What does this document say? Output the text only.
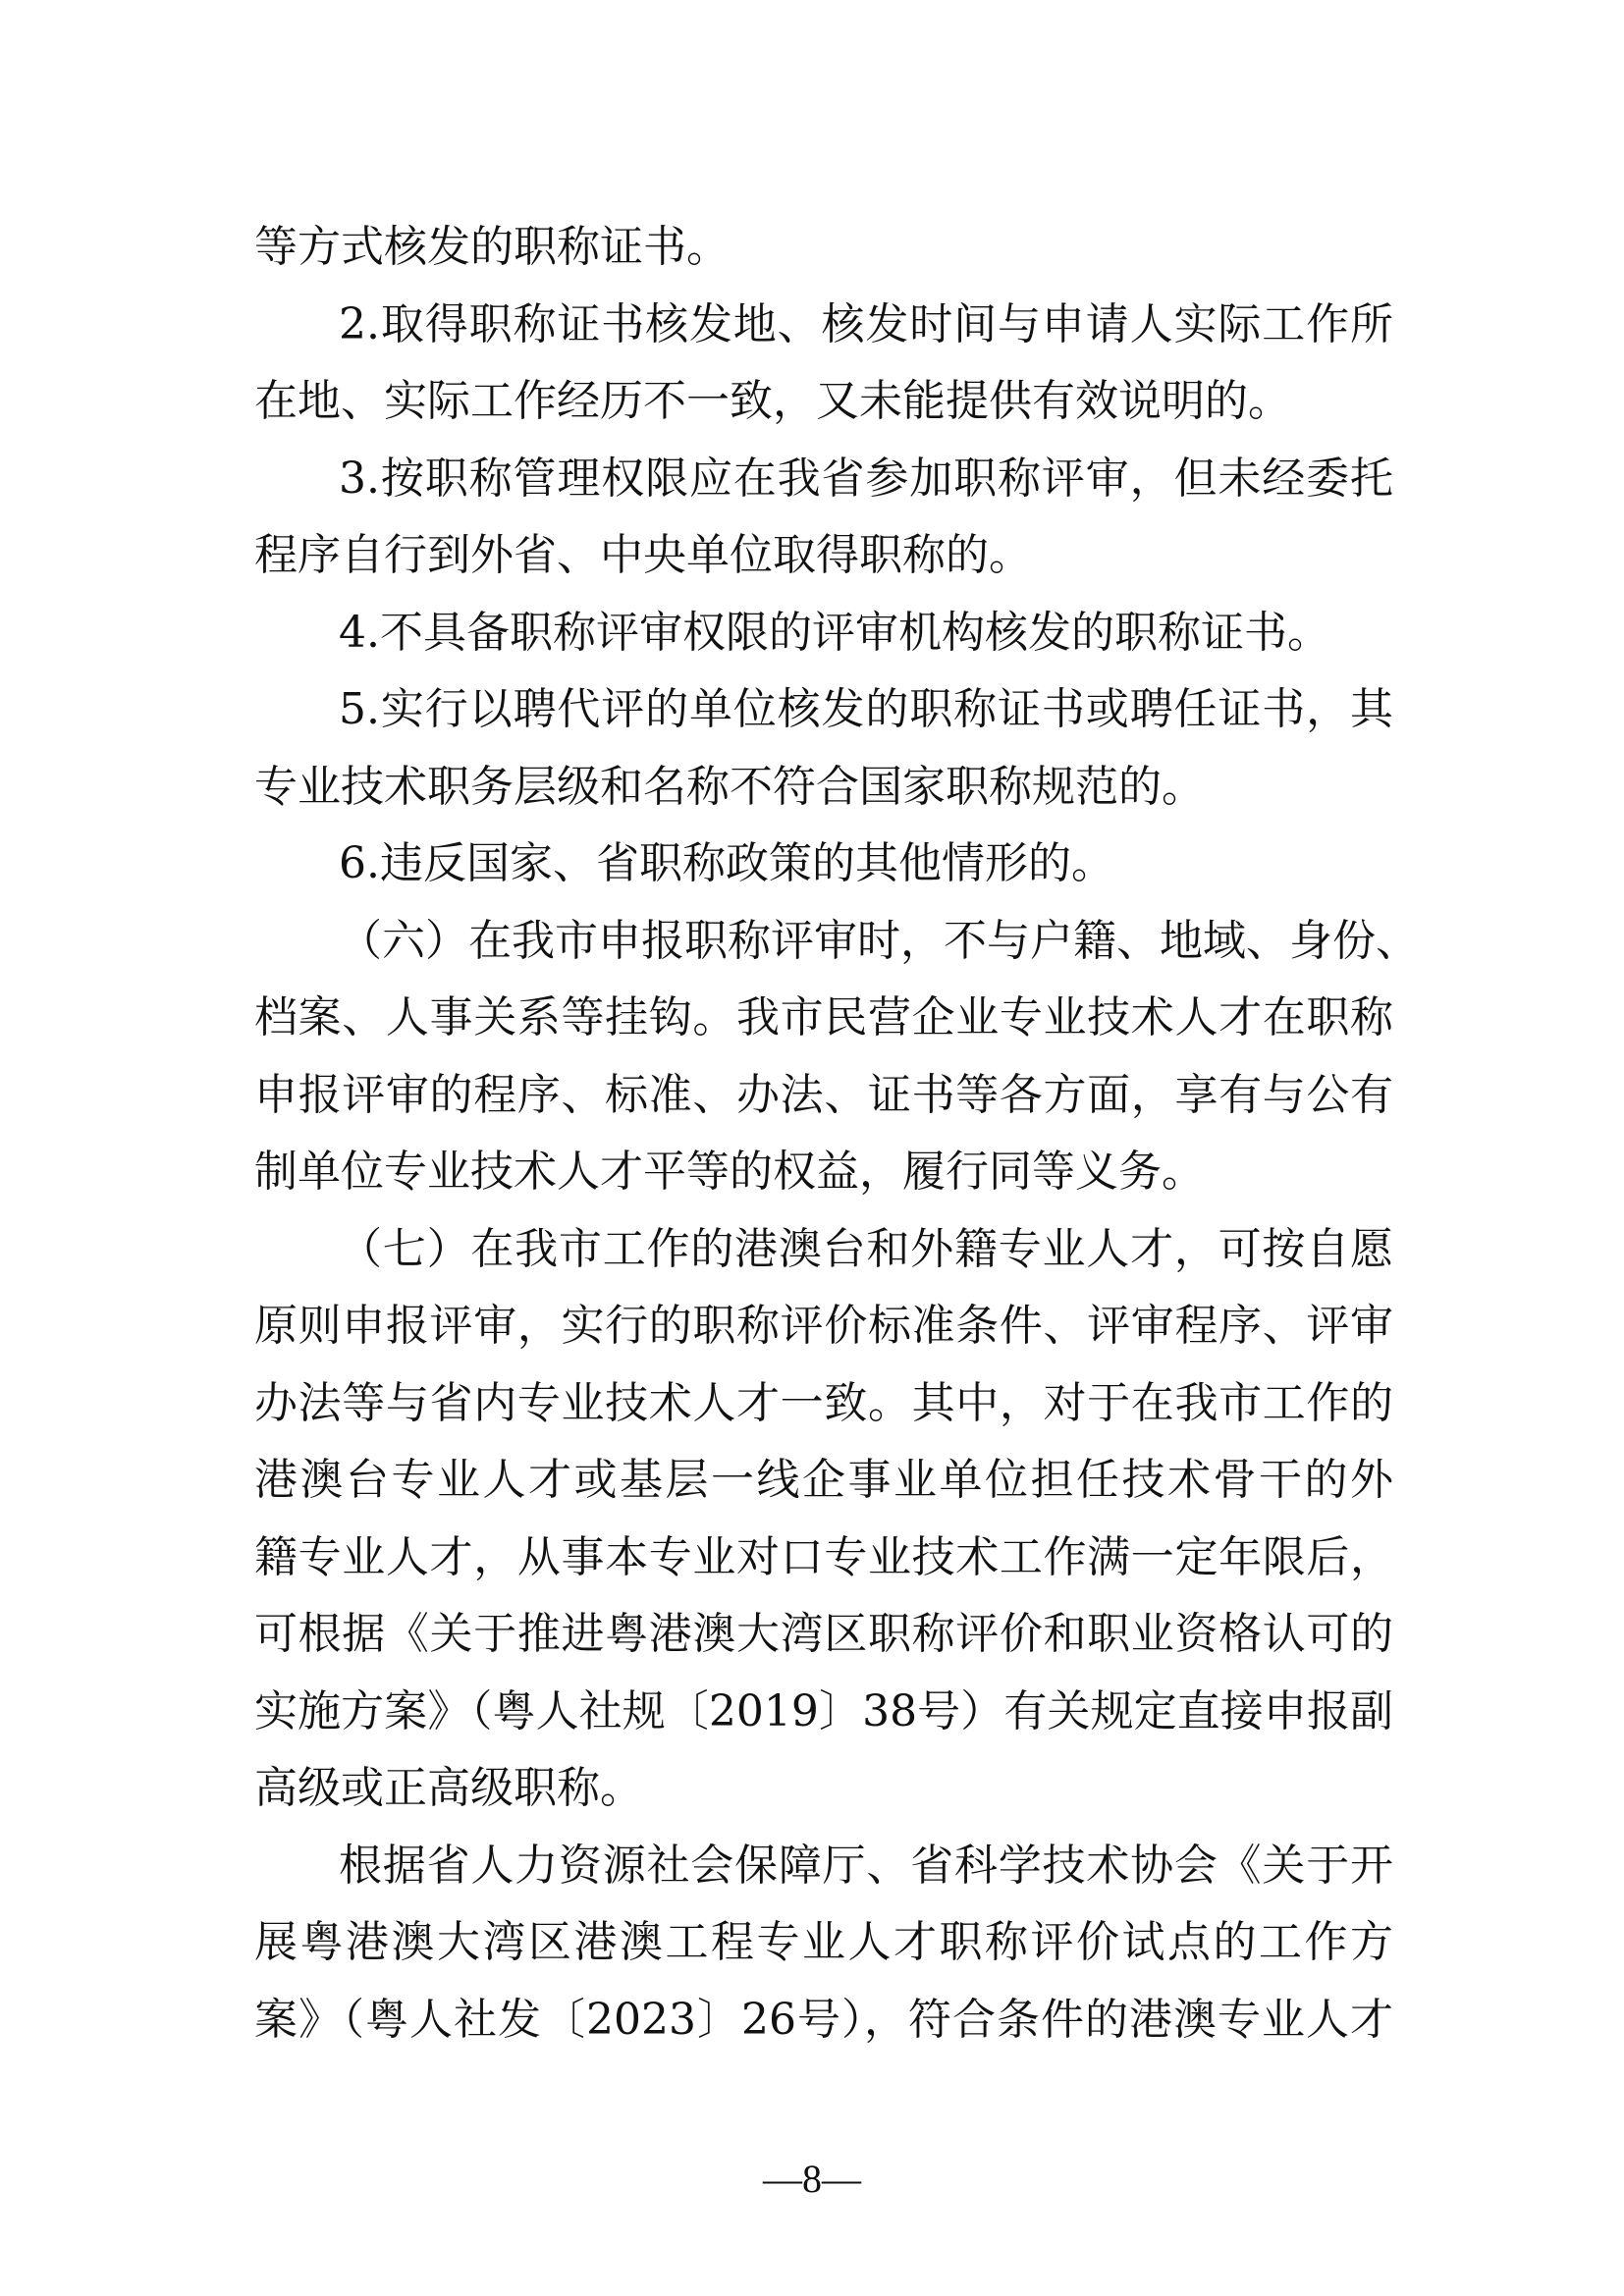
等方式核发的职称证书。
2.取得职称证书核发地、核发时间与申请人实际工作所
在地、实际工作经历不一致，又未能提供有效说明的。
3.按职称管理权限应在我省参加职称评审，但未经委托
程序自行到外省、中央单位取得职称的。
4.不具备职称评审权限的评审机构核发的职称证书。
5.实行以聘代评的单位核发的职称证书或聘任证书，其
专业技术职务层级和名称不符合国家职称规范的。
6.违反国家、省职称政策的其他情形的。
（六）在我市申报职称评审时，不与户籍、地域、身份、
档案、人事关系等挂钩。我市民营企业专业技术人才在职称
申报评审的程序、标准、办法、证书等各方面，享有与公有
制单位专业技术人才平等的权益，履行同等义务。
（七）在我市工作的港澳台和外籍专业人才，可按自愿
原则申报评审，实行的职称评价标准条件、评审程序、评审
办法等与省内专业技术人才一致。其中，对于在我市工作的
港澳台专业人才或基层一线企事业单位担任技术骨干的外
籍专业人才，从事本专业对口专业技术工作满一定年限后，
可根据《关于推进粤港澳大湾区职称评价和职业资格认可的
实施方案》（粤人社规〔2019〕38号）有关规定直接申报副
高级或正高级职称。
根据省人力资源社会保障厅、省科学技术协会《关于开
展粤港澳大湾区港澳工程专业人才职称评价试点的工作方
案》（粤人社发〔2023〕26号），符合条件的港澳专业人才
—8—
